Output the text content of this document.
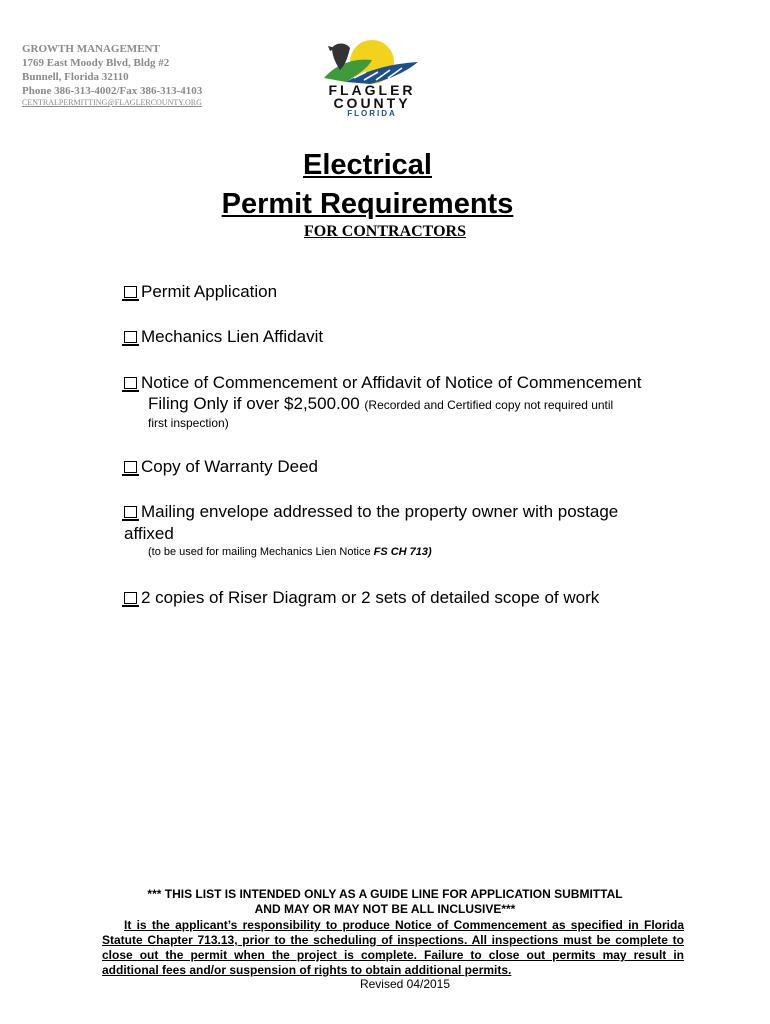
GROWTH MANAGEMENT
1769 East Moody Blvd, Bldg #2
Bunnell, Florida 32110
Phone 386-313-4002/Fax 386-313-4103
CENTRALPERMITTING@FLAGLERCOUNTY.ORG
FLAGLER
COUNTY
FLORIDA
Electrical
Permit Requirements
FOR CONTRACTORS
Permit Application
Mechanics Lien Affidavit
Notice of Commencement or Affidavit of Notice of Commencement
Filing Only if over $2,500.00 (Recorded and Certified copy not required until
first inspection)
Copy of Warranty Deed
Mailing envelope addressed to the property owner with postage
affixed
(to be used for mailing Mechanics Lien Notice FS CH 713)
2 copies of Riser Diagram or 2 sets of detailed scope of work
*** THIS LIST IS INTENDED ONLY AS A GUIDE LINE FOR APPLICATION SUBMITTAL
AND MAY OR MAY NOT BE ALL INCLUSIVE***
It is the applicant’s responsibility to produce Notice of Commencement as specified in Florida Statute Chapter 713.13, prior to the scheduling of inspections. All inspections must be complete to close out the permit when the project is complete. Failure to close out permits may result in additional fees and/or suspension of rights to obtain additional permits.
Revised 04/2015
